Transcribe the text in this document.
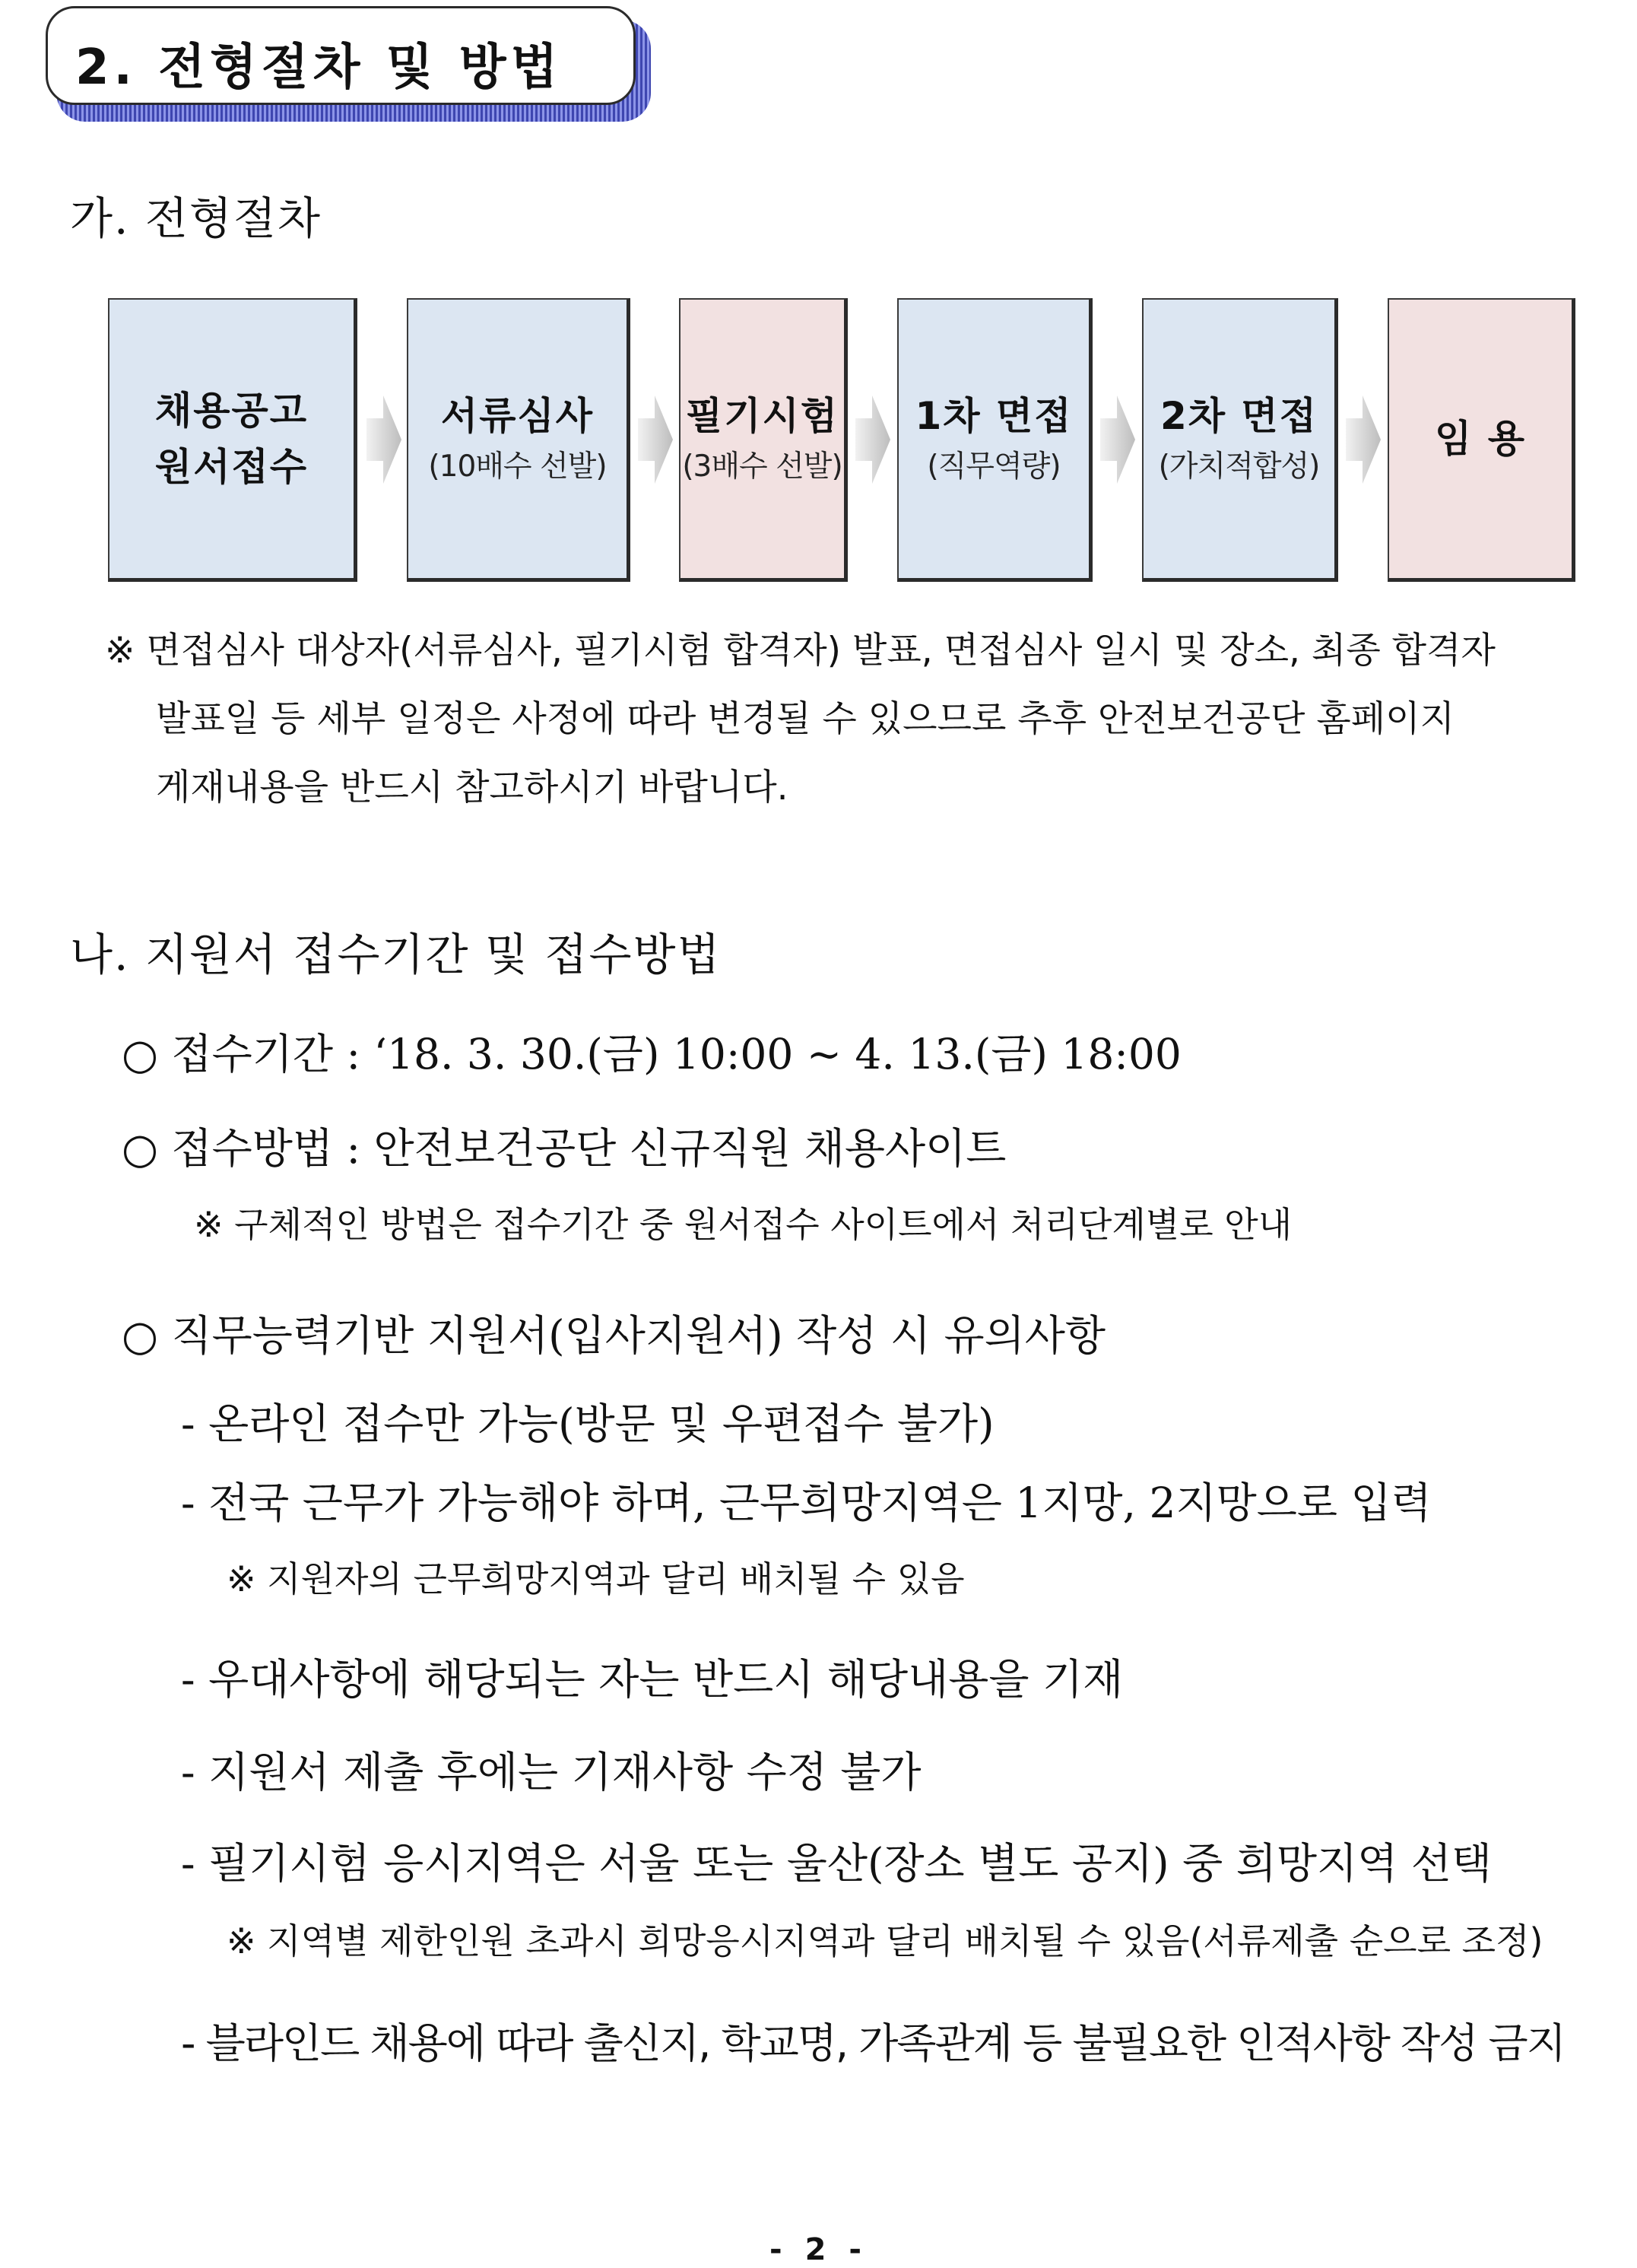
2. 전형절차 및 방법
가. 전형절차
채용공고
원서접수
서류심사
(10배수 선발)
필기시험
(3배수 선발)
1차 면접
(직무역량)
2차 면접
(가치적합성)
임 용
※ 면접심사 대상자(서류심사, 필기시험 합격자) 발표, 면접심사 일시 및 장소, 최종 합격자
발표일 등 세부 일정은 사정에 따라 변경될 수 있으므로 추후 안전보건공단 홈페이지
게재내용을 반드시 참고하시기 바랍니다.
나. 지원서 접수기간 및 접수방법
○ 접수기간 : ‘18. 3. 30.(금) 10:00 ~ 4. 13.(금) 18:00
○ 접수방법 : 안전보건공단 신규직원 채용사이트
※ 구체적인 방법은 접수기간 중 원서접수 사이트에서 처리단계별로 안내
○ 직무능력기반 지원서(입사지원서) 작성 시 유의사항
- 온라인 접수만 가능(방문 및 우편접수 불가)
- 전국 근무가 가능해야 하며, 근무희망지역은 1지망, 2지망으로 입력
※ 지원자의 근무희망지역과 달리 배치될 수 있음
- 우대사항에 해당되는 자는 반드시 해당내용을 기재
- 지원서 제출 후에는 기재사항 수정 불가
- 필기시험 응시지역은 서울 또는 울산(장소 별도 공지) 중 희망지역 선택
※ 지역별 제한인원 초과시 희망응시지역과 달리 배치될 수 있음(서류제출 순으로 조정)
- 블라인드 채용에 따라 출신지, 학교명, 가족관계 등 불필요한 인적사항 작성 금지
- 2 -
